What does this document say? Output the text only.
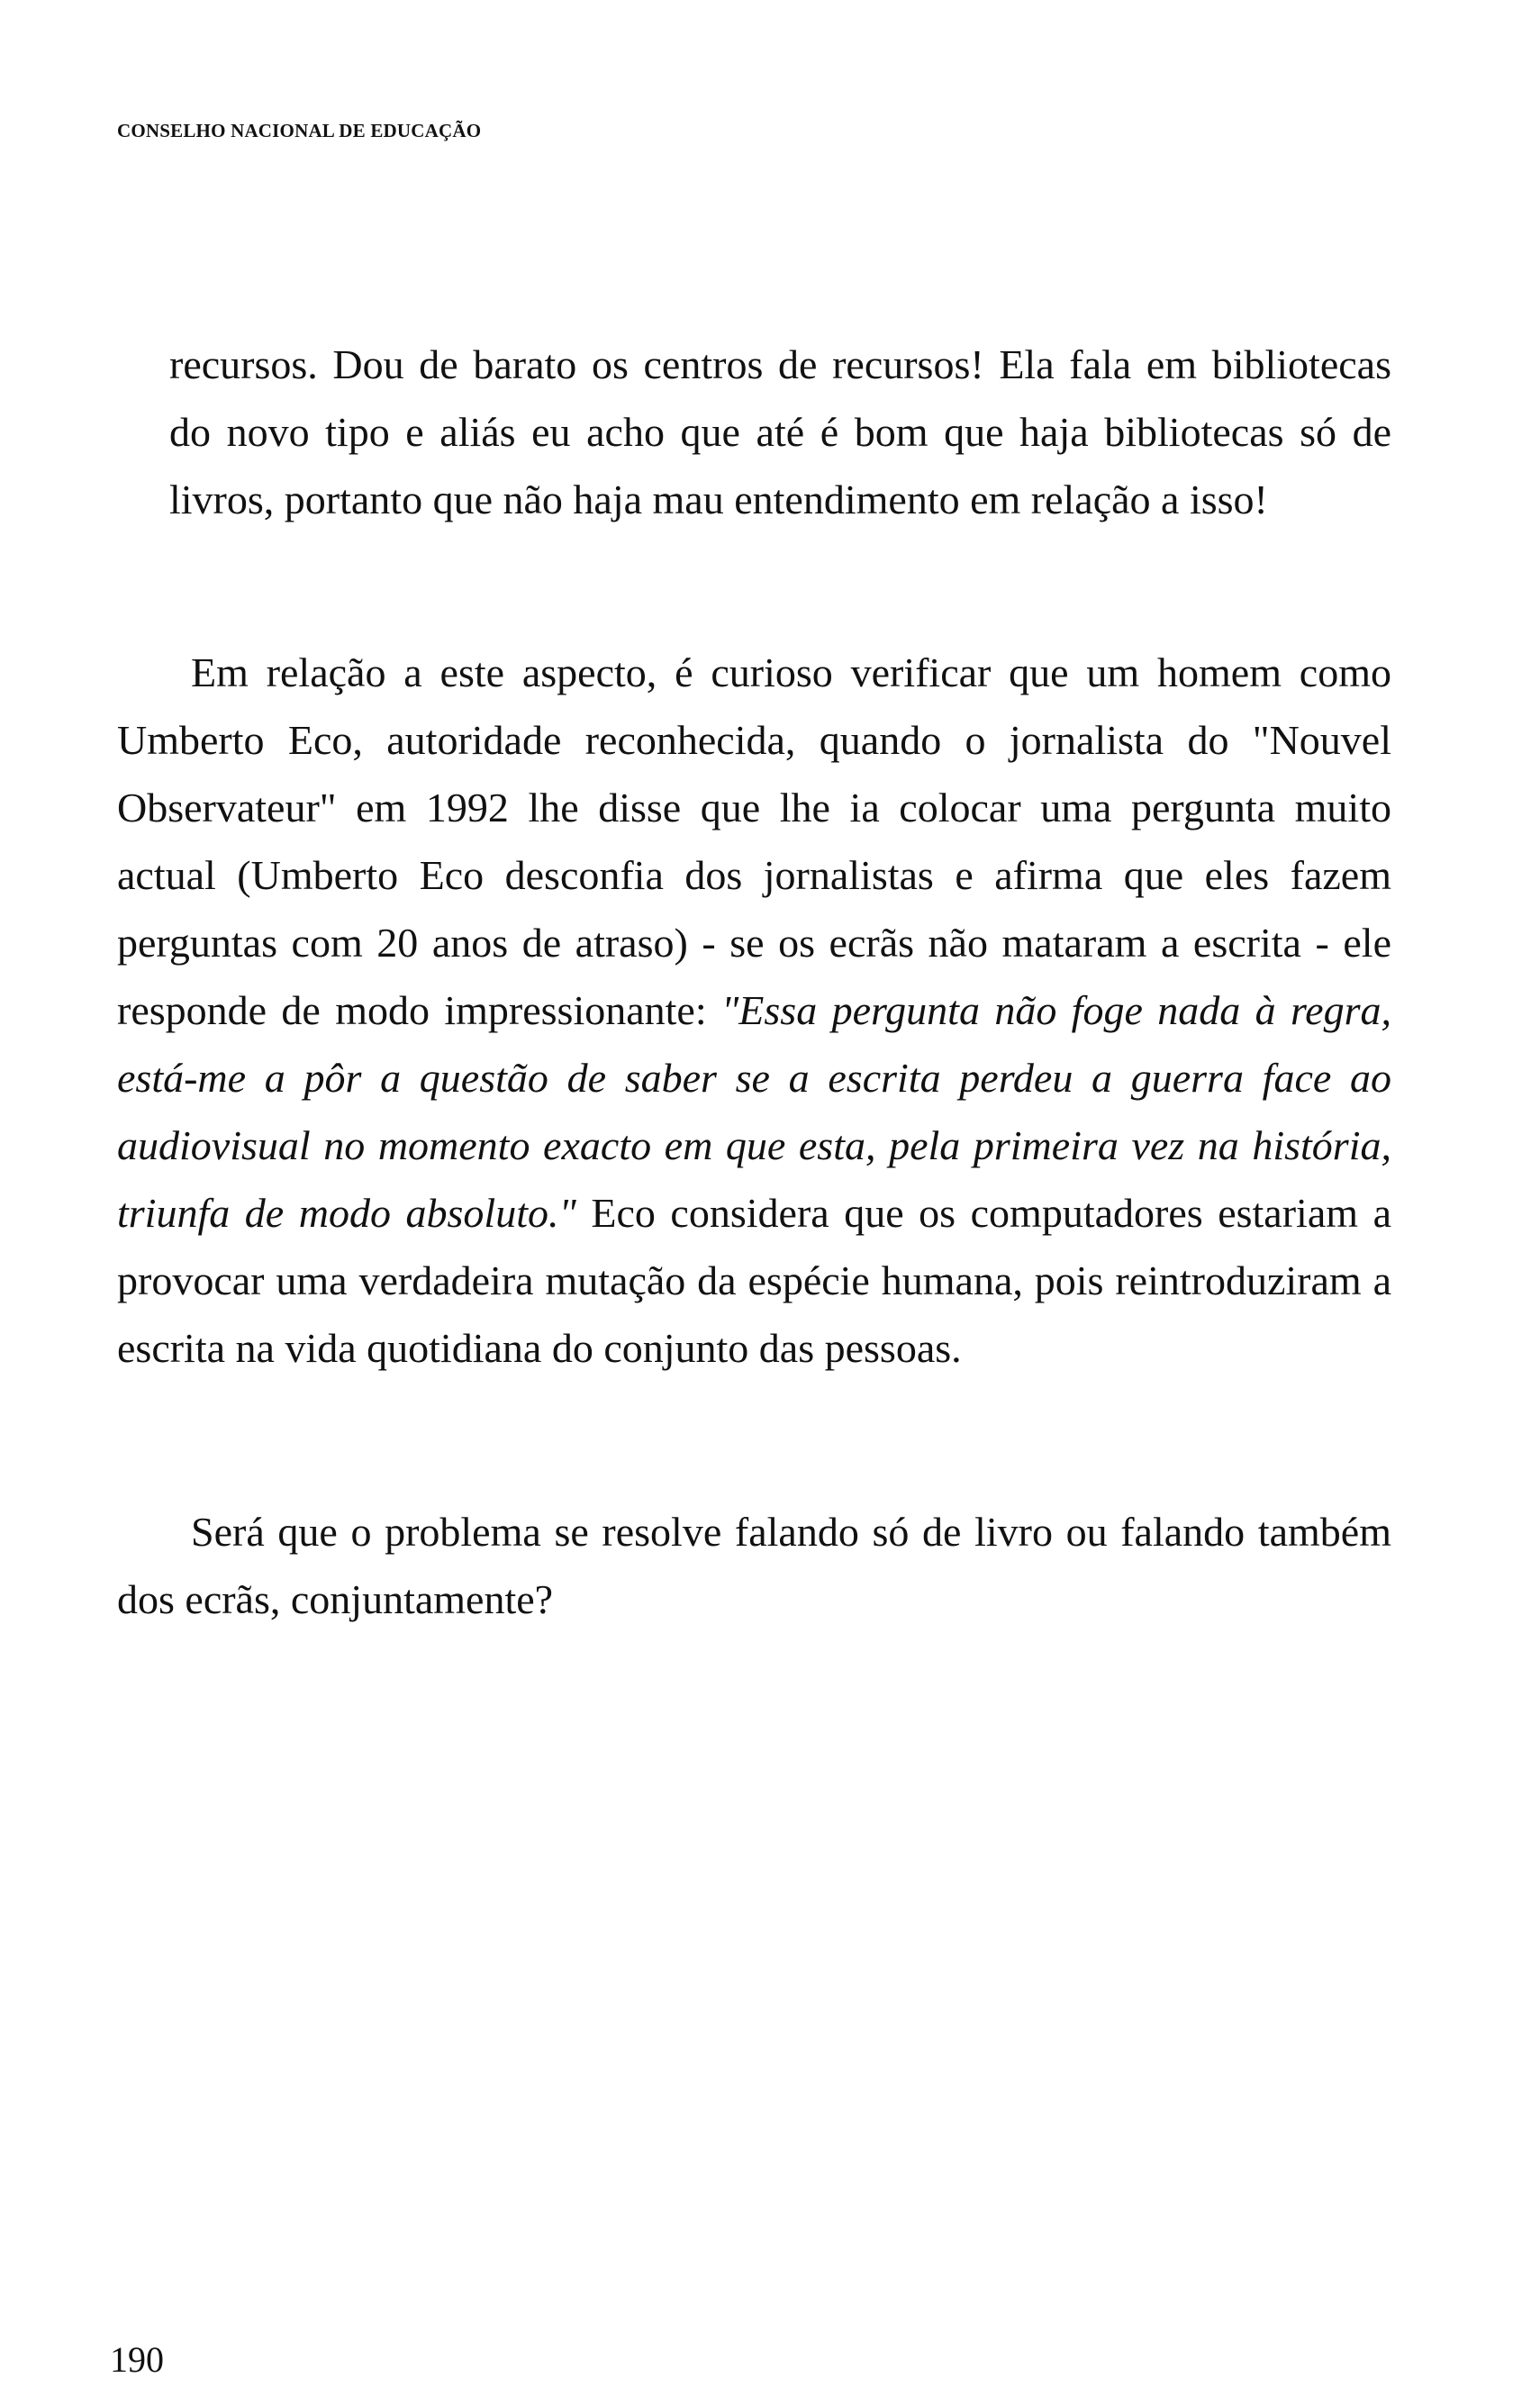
CONSELHO NACIONAL DE EDUCAÇÃO

recursos. Dou de barato os centros de recursos! Ela fala em bibliotecas do novo tipo e aliás eu acho que até é bom que haja bibliotecas só de livros, portanto que não haja mau entendimento em relação a isso!

Em relação a este aspecto, é curioso verificar que um homem como Umberto Eco, autoridade reconhecida, quando o jornalista do "Nouvel Observateur" em 1992 lhe disse que lhe ia colocar uma pergunta muito actual (Umberto Eco desconfia dos jornalistas e afirma que eles fazem perguntas com 20 anos de atraso) - se os ecrãs não mataram a escrita - ele responde de modo impressionante: "Essa pergunta não foge nada à regra, está-me a pôr a questão de saber se a escrita perdeu a guerra face ao audiovisual no momento exacto em que esta, pela primeira vez na história, triunfa de modo absoluto." Eco considera que os computadores estariam a provocar uma verdadeira mutação da espécie humana, pois reintroduziram a escrita na vida quotidiana do conjunto das pessoas.

Será que o problema se resolve falando só de livro ou falando também dos ecrãs, conjuntamente?

190
